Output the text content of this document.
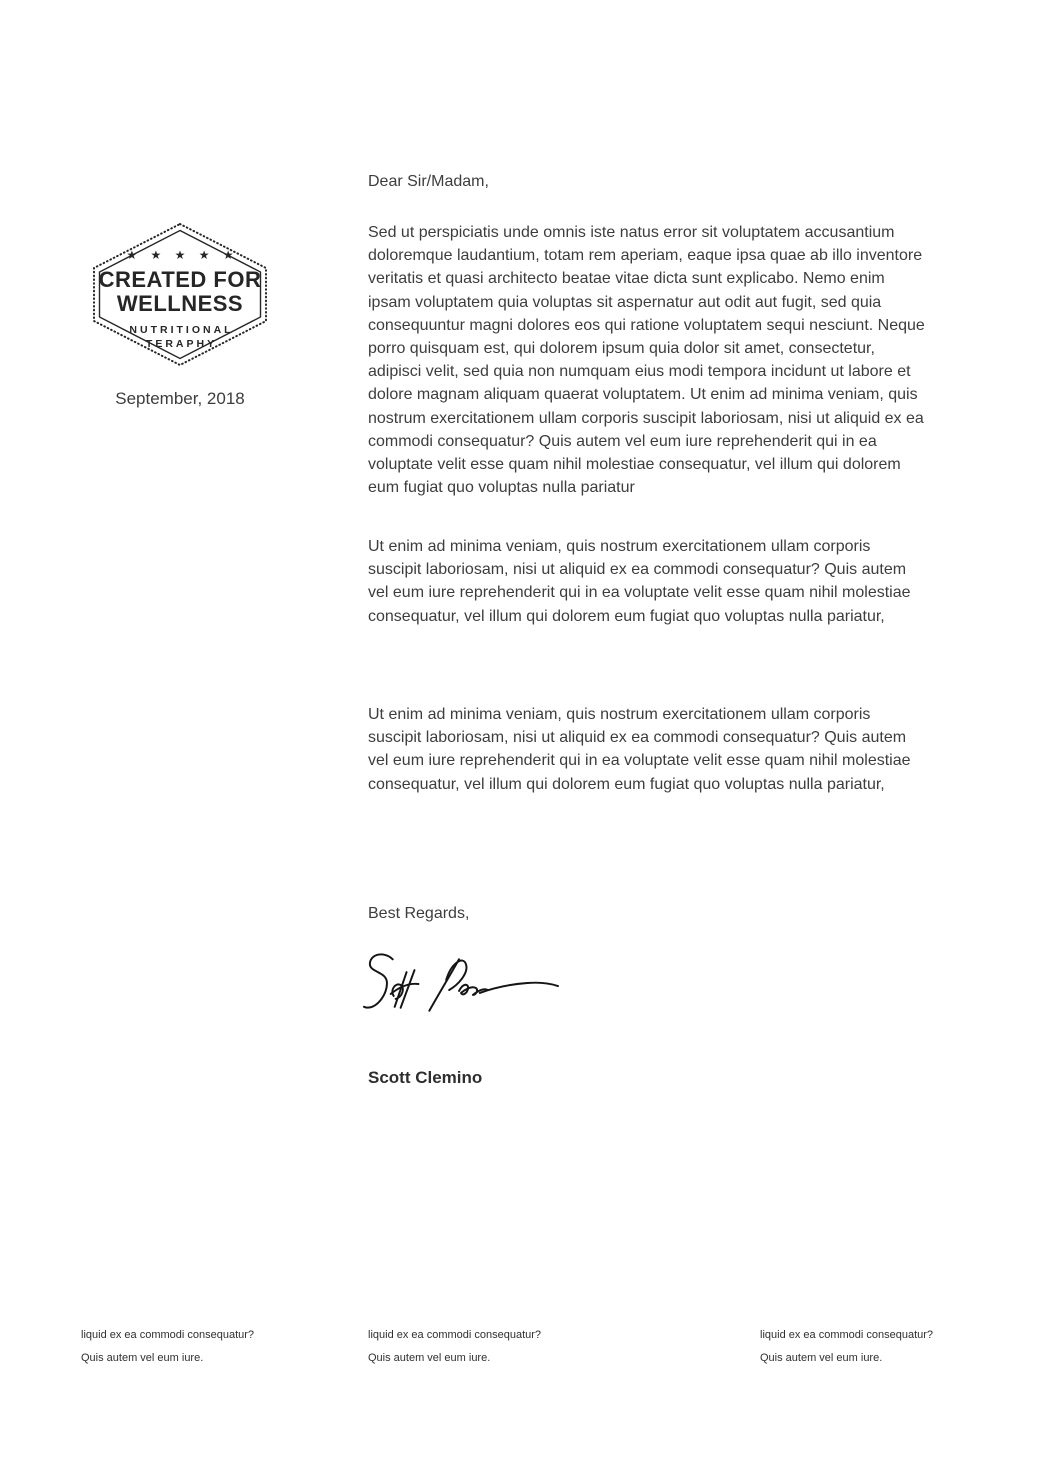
★ ★ ★ ★ ★
CREATED FOR
WELLNESS
NUTRITIONAL
TERAPHY
September, 2018
Dear Sir/Madam,
Sed ut perspiciatis unde omnis iste natus error sit voluptatem accusantium doloremque laudantium, totam rem aperiam, eaque ipsa quae ab illo inventore veritatis et quasi architecto beatae vitae dicta sunt explicabo. Nemo enim ipsam voluptatem quia voluptas sit aspernatur aut odit aut fugit, sed quia consequuntur magni dolores eos qui ratione voluptatem sequi nesciunt. Neque porro quisquam est, qui dolorem ipsum quia dolor sit amet, consectetur, adipisci velit, sed quia non numquam eius modi tempora incidunt ut labore et dolore magnam aliquam quaerat voluptatem. Ut enim ad minima veniam, quis nostrum exercitationem ullam corporis suscipit laboriosam, nisi ut aliquid ex ea commodi consequatur? Quis autem vel eum iure reprehenderit qui in ea voluptate velit esse quam nihil molestiae consequatur, vel illum qui dolorem eum fugiat quo voluptas nulla pariatur
Ut enim ad minima veniam, quis nostrum exercitationem ullam corporis suscipit laboriosam, nisi ut aliquid ex ea commodi consequatur? Quis autem vel eum iure reprehenderit qui in ea voluptate velit esse quam nihil molestiae consequatur, vel illum qui dolorem eum fugiat quo voluptas nulla pariatur,
Ut enim ad minima veniam, quis nostrum exercitationem ullam corporis suscipit laboriosam, nisi ut aliquid ex ea commodi consequatur? Quis autem vel eum iure reprehenderit qui in ea voluptate velit esse quam nihil molestiae consequatur, vel illum qui dolorem eum fugiat quo voluptas nulla pariatur,
Best Regards,
Scott Clemino
liquid ex ea commodi consequatur?
Quis autem vel eum iure.
liquid ex ea commodi consequatur?
Quis autem vel eum iure.
liquid ex ea commodi consequatur?
Quis autem vel eum iure.
